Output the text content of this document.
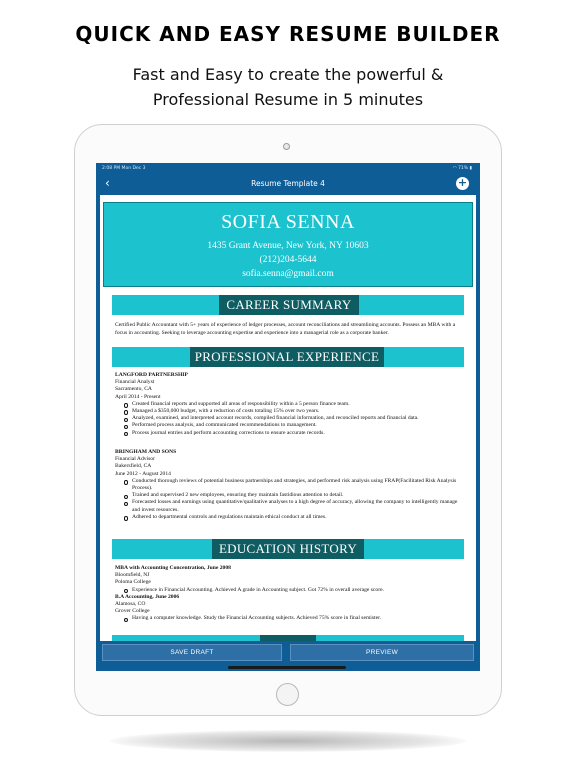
QUICK AND EASY RESUME BUILDER
Fast and Easy to create the powerful &
Professional Resume in 5 minutes
2:08 PM Mon Dec 3	◠ 71% ▮
‹	Resume Template 4	+
SOFIA SENNA
1435 Grant Avenue, New York, NY 10603
(212)204-5644
sofia.senna@gmail.com
CAREER SUMMARY
Certified Public Accountant with 5+ years of experience of ledger processes, account reconciliations and streamlining accounts. Possess an MBA with a focus in accounting. Seeking to leverage accounting expertise and experience into a managerial role as a corporate banker.
PROFESSIONAL EXPERIENCE
LANGFORD PARTNERSHIP
Financial Analyst
Sacramento, CA
April 2014 - Present
Created financial reports and supported all areas of responsibility within a 5 person finance team.
Managed a $350,000 budget, with a reduction of costs totaling 15% over two years.
Analyzed, examined, and interpreted account records, compiled financial information, and reconciled reports and financial data.
Performed process analysis, and communicated recommendations to management.
Process journal entries and perform accounting corrections to ensure accurate records.
BRINGHAM AND SONS
Financial Advisor
Bakersfield, CA
June 2012 - August 2014
Conducted thorough reviews of potential business partnerships and strategies, and performed risk analysis using FRAP(Facilitated Risk Analysis Process).
Trained and supervised 2 new employees, ensuring they maintain fastidious attention to detail.
Forecasted losses and earnings using quantitative/qualitative analyses to a high degree of accuracy, allowing the company to intelligently manage and invest resources.
Adhered to departmental controls and regulations maintain ethical conduct at all times.
EDUCATION HISTORY
MBA with Accounting Concentration, June 2008
Bloomfield, NJ
Poloma College
Experience in Financial Accounting. Achieved A grade in Accounting subject. Got 72% in overall average score.
B.A Accounting, June 2006
Alamosa, CO
Grover College
Having a computer knowledge. Study the Financial Accounting subjects. Achieved 75% score in final semister.
SAVE DRAFT	PREVIEW
